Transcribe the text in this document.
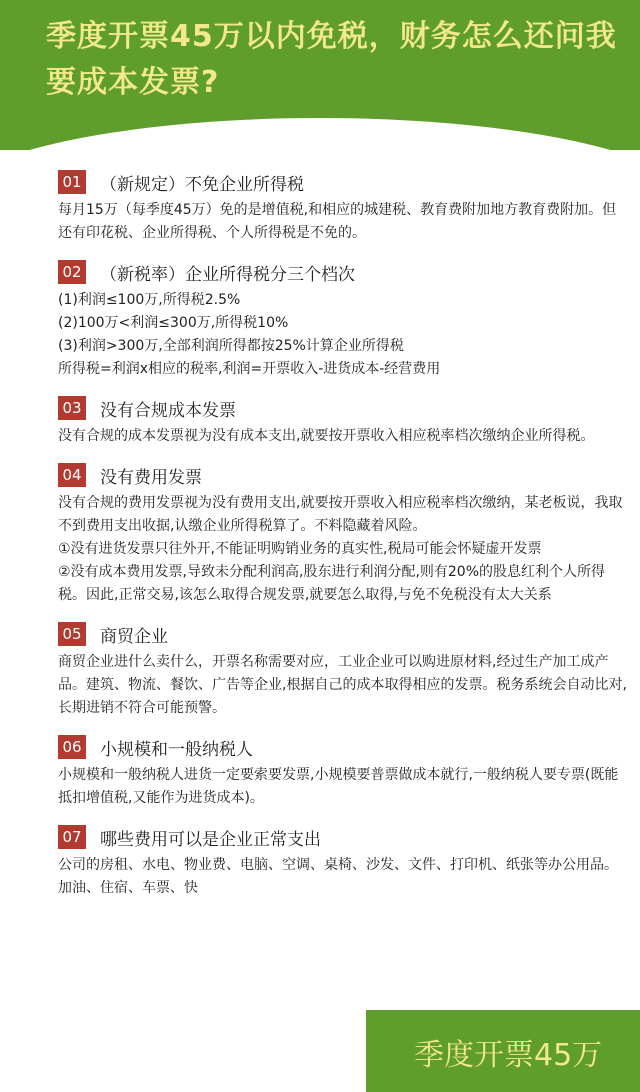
季度开票45万以内免税，财务怎么还问我要成本发票?
01 （新规定）不免企业所得税

每月15万（每季度45万）免的是增值税,和相应的城建税、教育费附加地方教育费附加。但还有印花税、企业所得税、个人所得税是不免的。

02 （新税率）企业所得税分三个档次

(1)利润≤100万,所得税2.5%

(2)100万<利润≤300万,所得税10%

(3)利润>300万,全部利润所得都按25%计算企业所得税

所得税=利润x相应的税率,利润=开票收入-进货成本-经营费用

03 没有合规成本发票

没有合规的成本发票视为没有成本支出,就要按开票收入相应税率档次缴纳企业所得税。

04 没有费用发票

没有合规的费用发票视为没有费用支出,就要按开票收入相应税率档次缴纳，某老板说，我取不到费用支出收据,认缴企业所得税算了。不料隐藏着风险。

①没有进货发票只往外开,不能证明购销业务的真实性,税局可能会怀疑虚开发票

②没有成本费用发票,导致未分配利润高,股东进行利润分配,则有20%的股息红利个人所得税。因此,正常交易,该怎么取得合规发票,就要怎么取得,与免不免税没有太大关系

05 商贸企业

商贸企业进什么卖什么，开票名称需要对应，工业企业可以购进原材料,经过生产加工成产品。建筑、物流、餐饮、广告等企业,根据自己的成本取得相应的发票。税务系统会自动比对,长期进销不符合可能预警。

06 小规模和一般纳税人

小规模和一般纳税人进货一定要索要发票,小规模要普票做成本就行,一般纳税人要专票(既能抵扣增值税,又能作为进货成本)。

07 哪些费用可以是企业正常支出

公司的房租、水电、物业费、电脑、空调、桌椅、沙发、文件、打印机、纸张等办公用品。加油、住宿、车票、快

季度开票45万
